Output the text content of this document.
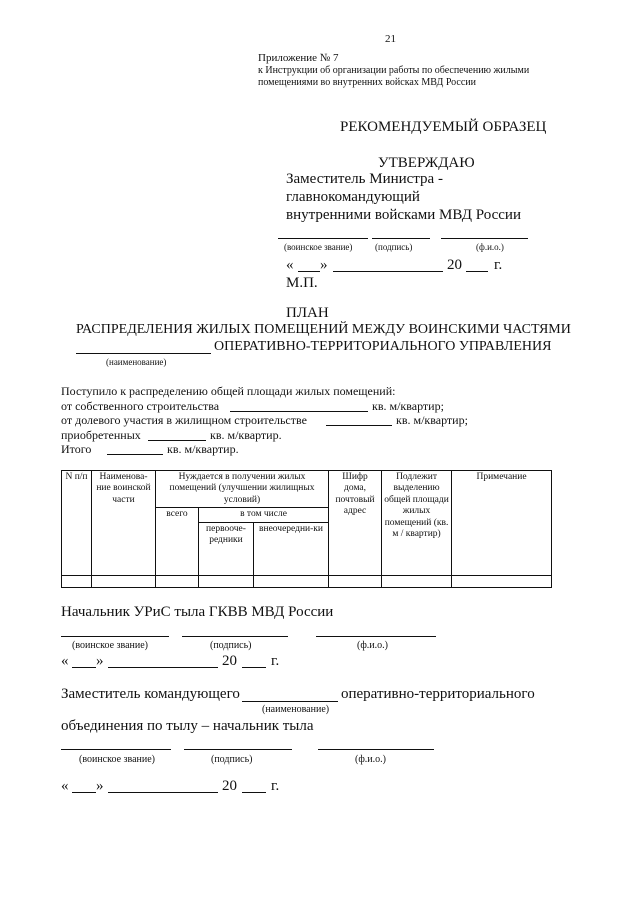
21
Приложение № 7
к Инструкции об организации работы по обеспечению жилыми
помещениями во внутренних войсках МВД России
РЕКОМЕНДУЕМЫЙ ОБРАЗЕЦ
УТВЕРЖДАЮ
Заместитель Министра -
главнокомандующий
внутренними войсками МВД России
(воинское звание)	(подпись)	(ф.и.о.)
« »	20 г.
М.П.
ПЛАН
РАСПРЕДЕЛЕНИЯ ЖИЛЫХ ПОМЕЩЕНИЙ МЕЖДУ ВОИНСКИМИ ЧАСТЯМИ
ОПЕРАТИВНО-ТЕРРИТОРИАЛЬНОГО УПРАВЛЕНИЯ
(наименование)
Поступило к распределению общей площади жилых помещений:
от собственного строительства	кв. м/квартир;
от долевого участия в жилищном строительстве	кв. м/квартир;
приобретенных	кв. м/квартир.
Итого	кв. м/квартир.
N п/п	Наименова-ние воинской части	Нуждается в получении жилых помещений (улучшении жилищных условий)			Шифр дома, почтовый адрес	Подлежит выделению общей площади жилых помещений (кв. м / квартир)	Примечание
		всего	в том числе				
			первооче-редники	внеочередни-ки			

Начальник УРиС тыла ГКВВ МВД России
(воинское звание)	(подпись)	(ф.и.о.)
« »	20 г.
Заместитель командующего	оперативно-территориального
(наименование)
объединения по тылу – начальник тыла
(воинское звание)	(подпись)	(ф.и.о.)
« »	20 г.
